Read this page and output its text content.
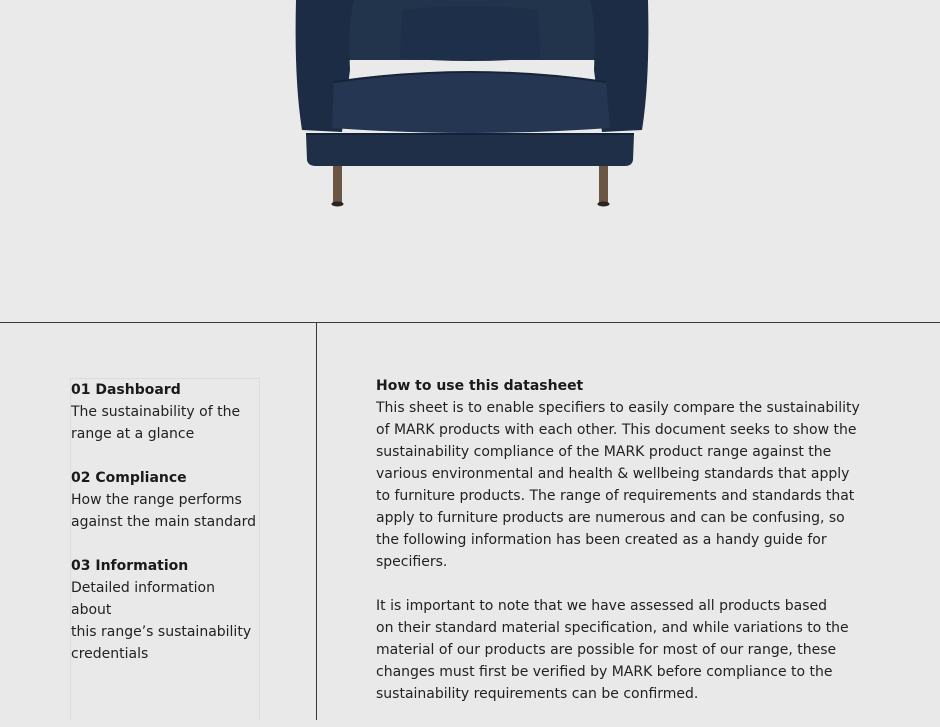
01 Dashboard

The sustainability of the

range at a glance

02 Compliance

How the range performs

against the main standard

03 Information

Detailed information about

this range’s sustainability

credentials

How to use this datasheet

This sheet is to enable specifiers to easily compare the sustainability
of MARK products with each other. This document seeks to show the
sustainability compliance of the MARK product range against the
various environmental and health & wellbeing standards that apply
to furniture products. The range of requirements and standards that
apply to furniture products are numerous and can be confusing, so
the following information has been created as a handy guide for
specifiers.
It is important to note that we have assessed all products based
on their standard material specification, and while variations to the
material of our products are possible for most of our range, these
changes must first be verified by MARK before compliance to the
sustainability requirements can be confirmed.
